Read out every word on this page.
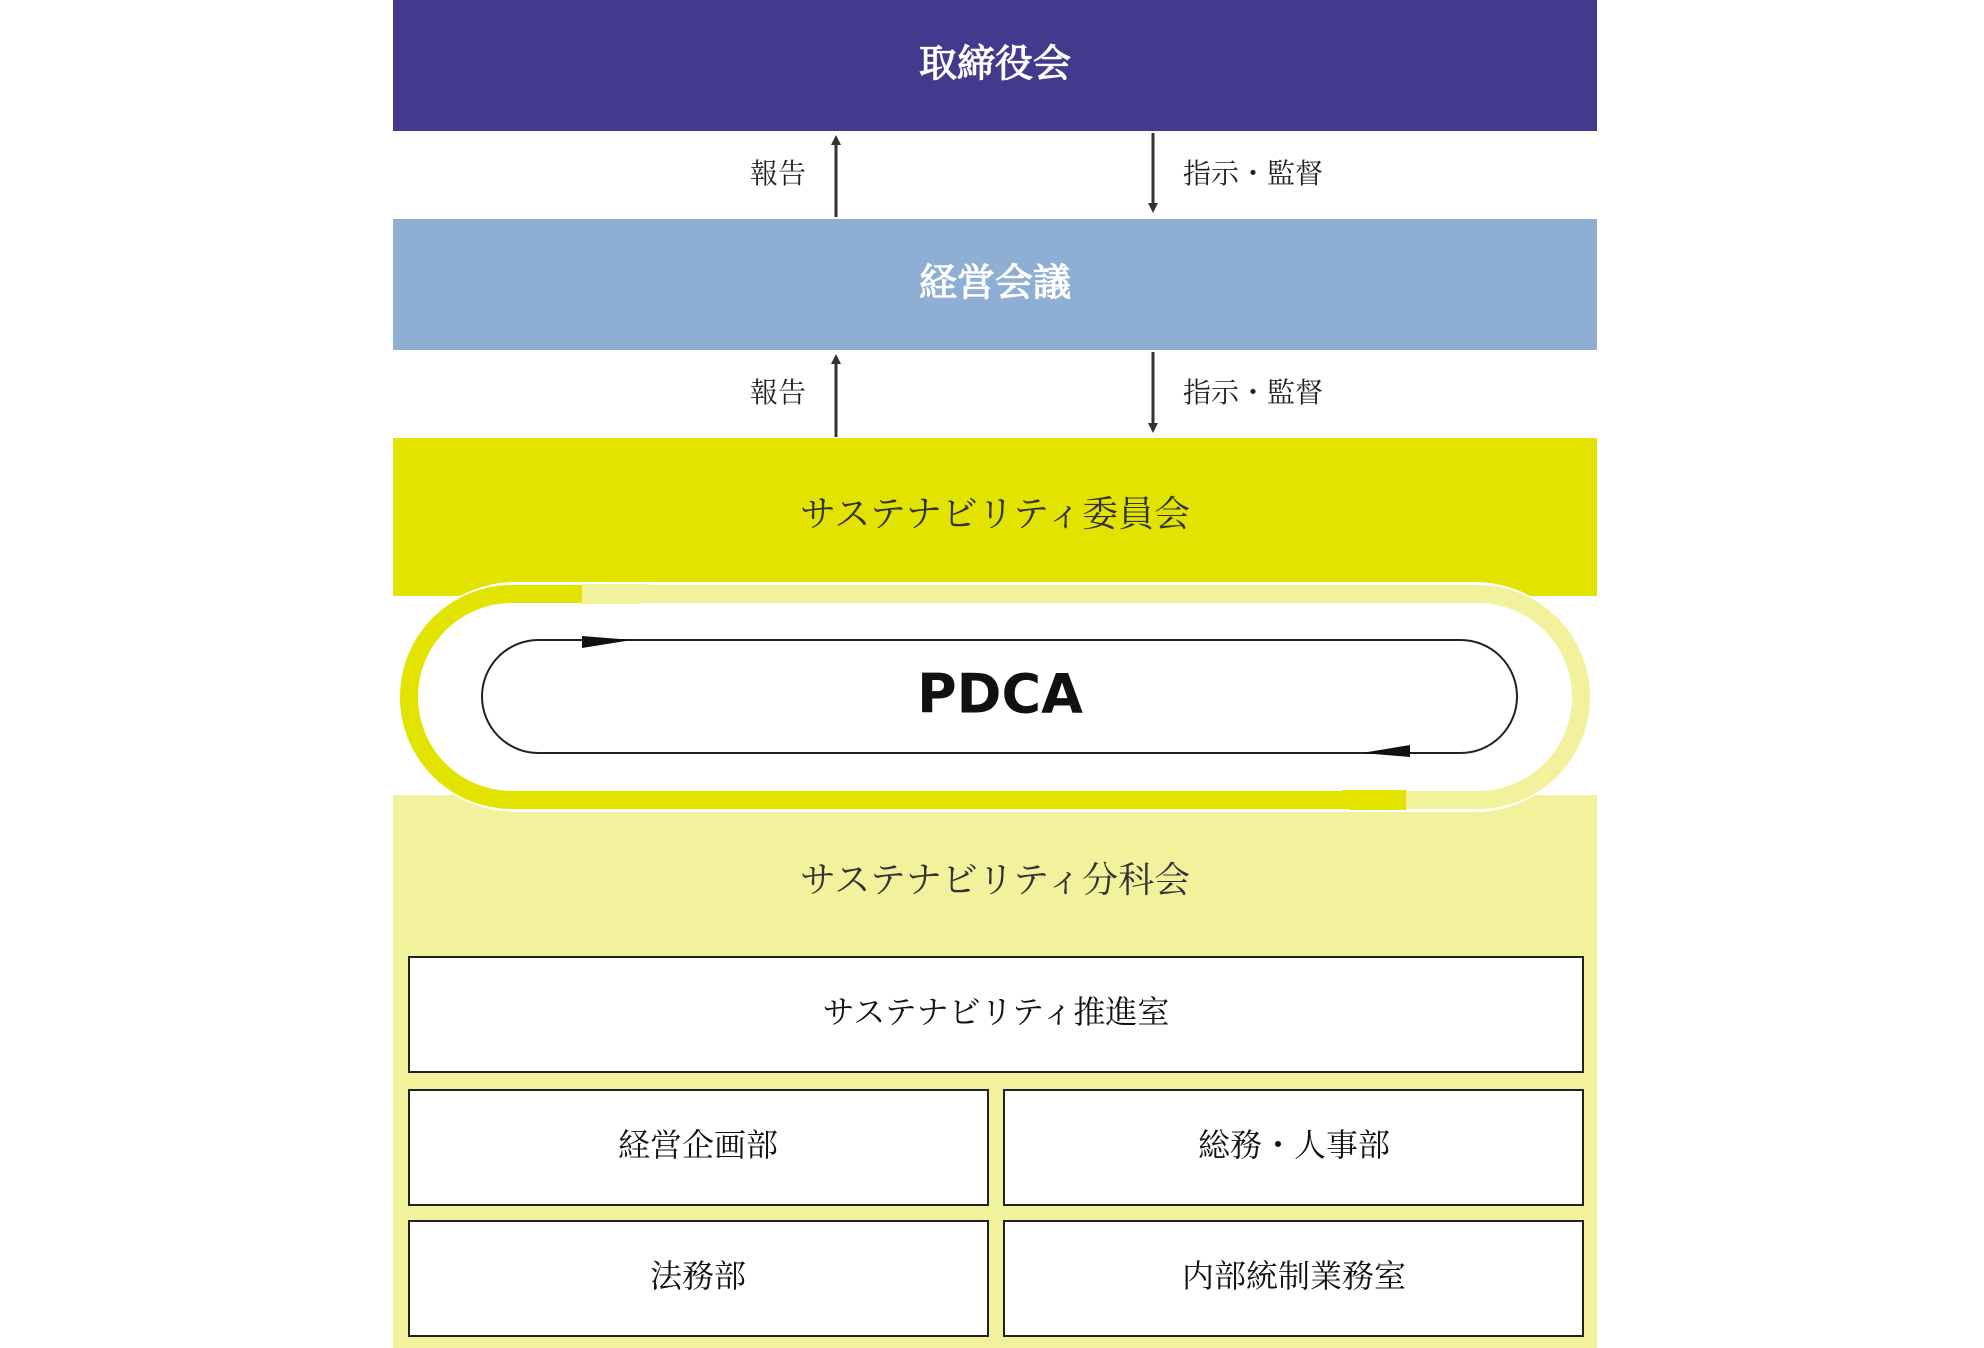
取締役会
報告	指示・監督
経営会議
報告	指示・監督
サステナビリティ委員会
PDCA
サステナビリティ分科会
サステナビリティ推進室
経営企画部	総務・人事部
法務部	内部統制業務室
